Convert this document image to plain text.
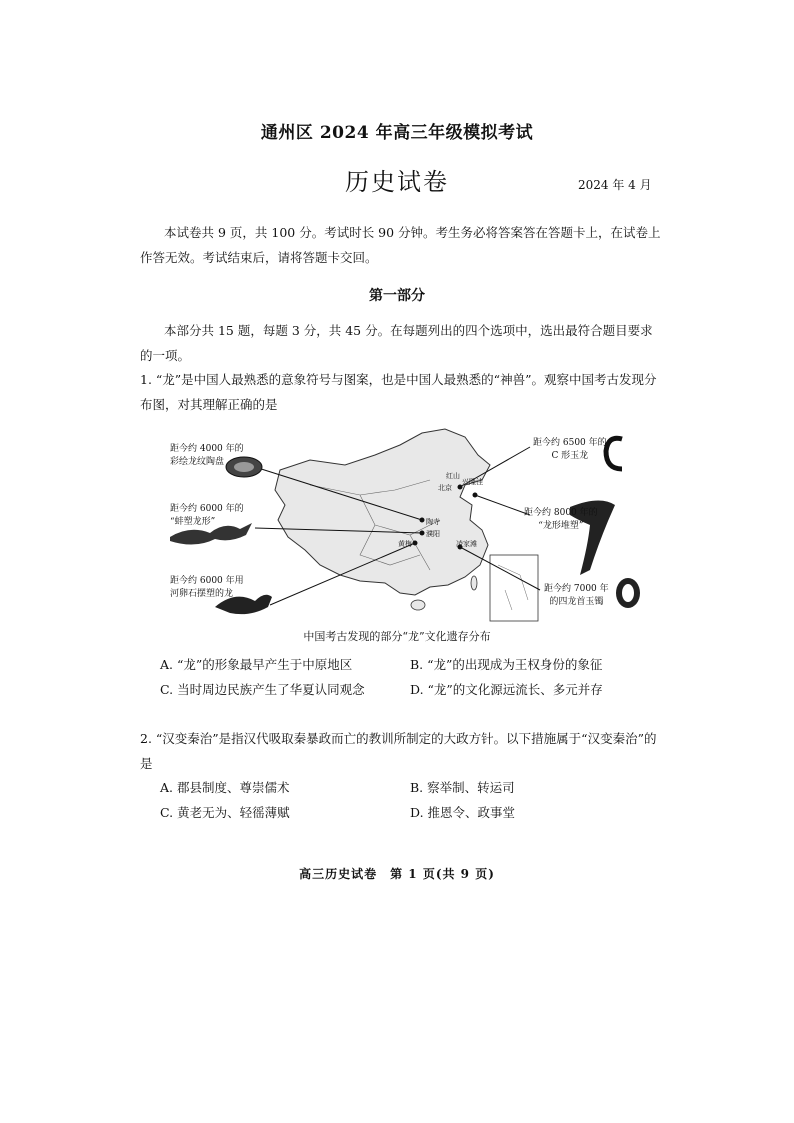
通州区 2024 年高三年级模拟考试
历史试卷	2024 年 4 月
本试卷共 9 页，共 100 分。考试时长 90 分钟。考生务必将答案答在答题卡上，在试卷上作答无效。考试结束后，请将答题卡交回。
第一部分
本部分共 15 题，每题 3 分，共 45 分。在每题列出的四个选项中，选出最符合题目要求的一项。
1. “龙”是中国人最熟悉的意象符号与图案，也是中国人最熟悉的“神兽”。观察中国考古发现分布图，对其理解正确的是
距今约 4000 年的
彩绘龙纹陶盘
距今约 6000 年的
“蚌塑龙形”
距今约 6000 年用
河卵石摆塑的龙
距今约 6500 年的
C 形玉龙
距今约 8000 年的
“龙形堆塑”
距今约 7000 年
的四龙首玉镯
红山
北京
兴隆洼
陶寺
濮阳
黄梅	凌家滩
中国考古发现的部分“龙”文化遗存分布
A. “龙”的形象最早产生于中原地区	B. “龙”的出现成为王权身份的象征
C. 当时周边民族产生了华夏认同观念	D. “龙”的文化源远流长、多元并存
2. “汉变秦治”是指汉代吸取秦暴政而亡的教训所制定的大政方针。以下措施属于“汉变秦治”的是
A. 郡县制度、尊崇儒术	B. 察举制、转运司
C. 黄老无为、轻徭薄赋	D. 推恩令、政事堂
高三历史试卷　第 1 页(共 9 页)
